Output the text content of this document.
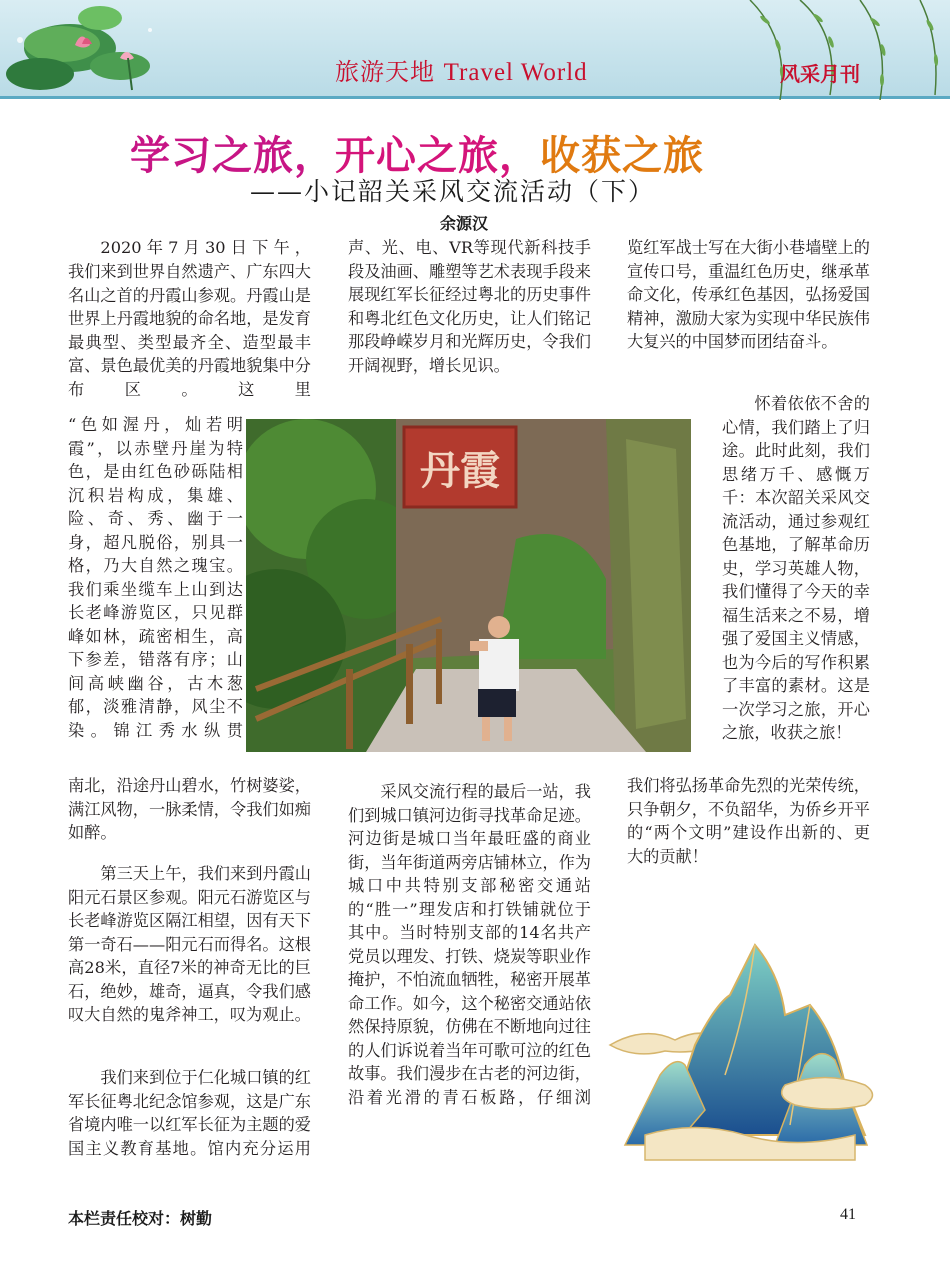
旅游天地 Travel World	风采月刊
学习之旅，开心之旅，收获之旅
——小记韶关采风交流活动（下）
余源汉

2020年7月30日下午，

我们来到世界自然遗产、广东四大名山之首的丹霞山参观。丹霞山是世界上丹霞地貌的命名地，是发育最典型、类型最齐全、造型最丰富、景色最优美的丹霞地貌集中分布区。这里

“色如渥丹，灿若明霞”，以赤壁丹崖为特色，是由红色砂砾陆相沉积岩构成，集雄、险、奇、秀、幽于一身，超凡脱俗，别具一格，乃大自然之瑰宝。我们乘坐缆车上山到达长老峰游览区，只见群峰如林，疏密相生，高下参差，错落有序；山间高峡幽谷，古木葱郁，淡雅清静，风尘不染。锦江秀水纵贯

南北，沿途丹山碧水，竹树婆娑，满江风物，一脉柔情，令我们如痴如醉。

第三天上午，我们来到丹霞山阳元石景区参观。阳元石游览区与长老峰游览区隔江相望，因有天下第一奇石——阳元石而得名。这根高28米，直径7米的神奇无比的巨石，绝妙，雄奇，逼真，令我们感叹大自然的鬼斧神工，叹为观止。

我们来到位于仁化城口镇的红军长征粤北纪念馆参观，这是广东省境内唯一以红军长征为主题的爱国主义教育基地。馆内充分运用

声、光、电、VR等现代新科技手段及油画、雕塑等艺术表现手段来展现红军长征经过粤北的历史事件和粤北红色文化历史，让人们铭记那段峥嵘岁月和光辉历史，令我们开阔视野，增长见识。

采风交流行程的最后一站，我们到城口镇河边街寻找革命足迹。河边街是城口当年最旺盛的商业街，当年街道两旁店铺林立，作为城口中共特别支部秘密交通站的“胜一”理发店和打铁铺就位于其中。当时特别支部的14名共产党员以理发、打铁、烧炭等职业作掩护，不怕流血牺牲，秘密开展革命工作。如今，这个秘密交通站依然保持原貌，仿佛在不断地向过往的人们诉说着当年可歌可泣的红色故事。我们漫步在古老的河边街，沿着光滑的青石板路，仔细浏

览红军战士写在大街小巷墙壁上的宣传口号，重温红色历史，继承革命文化，传承红色基因，弘扬爱国精神，激励大家为实现中华民族伟大复兴的中国梦而团结奋斗。

怀着依依不舍的心情，我们踏上了归途。此时此刻，我们思绪万千、感慨万千：本次韶关采风交流活动，通过参观红色基地，了解革命历史，学习英雄人物，我们懂得了今天的幸福生活来之不易，增强了爱国主义情感，也为今后的写作积累了丰富的素材。这是一次学习之旅，开心之旅，收获之旅！

我们将弘扬革命先烈的光荣传统，只争朝夕，不负韶华，为侨乡开平的“两个文明”建设作出新的、更大的贡献！

丹霞
本栏责任校对：树勤	41
